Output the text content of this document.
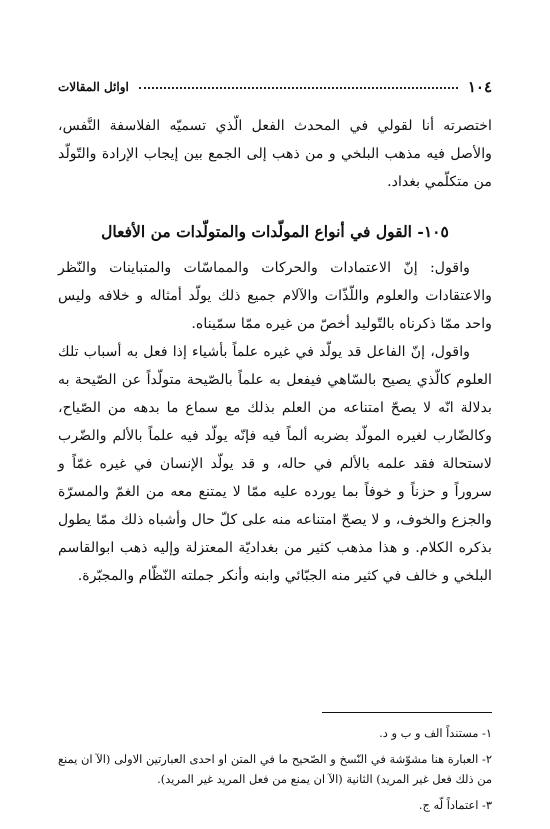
١٠٤
اوائل المقالات

اختصرته أنا لقولي في المحدث الفعل الّذي تسميّه الفلاسفة النَّفس، والأصل فيه مذهب البلخي و من ذهب إلى الجمع بين إيجاب الإرادة والتّولّد من متكلّمي بغداد.

١٠٥- القول في أنواع المولّدات والمتولّدات من الأفعال

واقول: إنّ الاعتمادات والحركات والمماسّات والمتباينات والنّظر والاعتقادات والعلوم واللّذّات والآلام جميع ذلك يولّد أمثاله و خلافه وليس واحد ممّا ذكرناه بالتّوليد أخصّ من غيره ممّا سمّيناه.

واقول، إنّ الفاعل قد يولّد في غيره علماً بأشياء إذا فعل به أسباب تلك العلوم كالّذي يصيح بالسّاهي فيفعل به علماً بالصّيحة متولّداً عن الصّيحة به بدلالة انّه لا يصحّ امتناعه من العلم بذلك مع سماع ما بدهه من الصّياح، وكالضّارب لغيره المولّد بضربه ألماً فيه فإنّه يولّد فيه علماً بالألم والضّرب لاستحالة فقد علمه بالألم في حاله، و قد يولّد الإنسان في غيره غمّاً و سروراً و حزناً و خوفاً بما يورده عليه ممّا لا يمتنع معه من الغمّ والمسرّة والجزع والخوف، و لا يصحّ امتناعه منه على كلّ حال وأشباه ذلك ممّا يطول بذكره الكلام. و هذا مذهب كثير من بغداديّة المعتزلة وإليه ذهب ابوالقاسم البلخي و خالف في كثير منه الجبّائي وابنه وأنكر جملته النّظّام والمجبّرة.

١- مستنداً الف و ب و د.

٢- العبارة هنا مشوّشة في النّسخ و الصّحيح ما في المتن او احدى العبارتين الاولى (الآ ان يمنع من ذلك فعل غير المريد) الثانية (الآ ان يمنع من فعل المريد غير المريد).

٣- اعتماداً لّه ج.
